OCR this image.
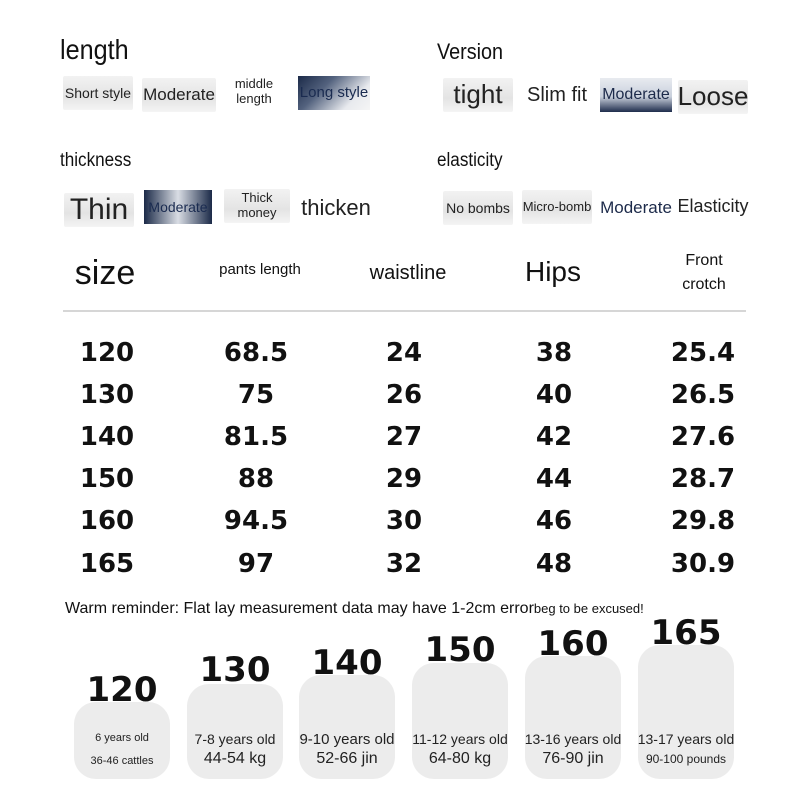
length
Short style Moderate
middle length	Long style
Version
tight	Slim fit Moderate Loose
thickness
Thin	Moderate
Thick money	thicken
elasticity
No bombs Micro-bomb Moderate Elasticity
size	pants length	waistline	Hips	Front crotch
120	68.5	24	38	25.4
130	75	26	40	26.5
140	81.5	27	42	27.6
150	88	29	44	28.7
160	94.5	30	46	29.8
165	97	32	48	30.9
Warm reminder: Flat lay measurement data may have 1-2cm errorbeg to be excused!
120
6 years old
36-46 cattles
130
7-8 years old
44-54 kg
140
9-10 years old
52-66 jin
150
11-12 years old
64-80 kg
160
13-16 years old
76-90 jin
165
13-17 years old
90-100 pounds
